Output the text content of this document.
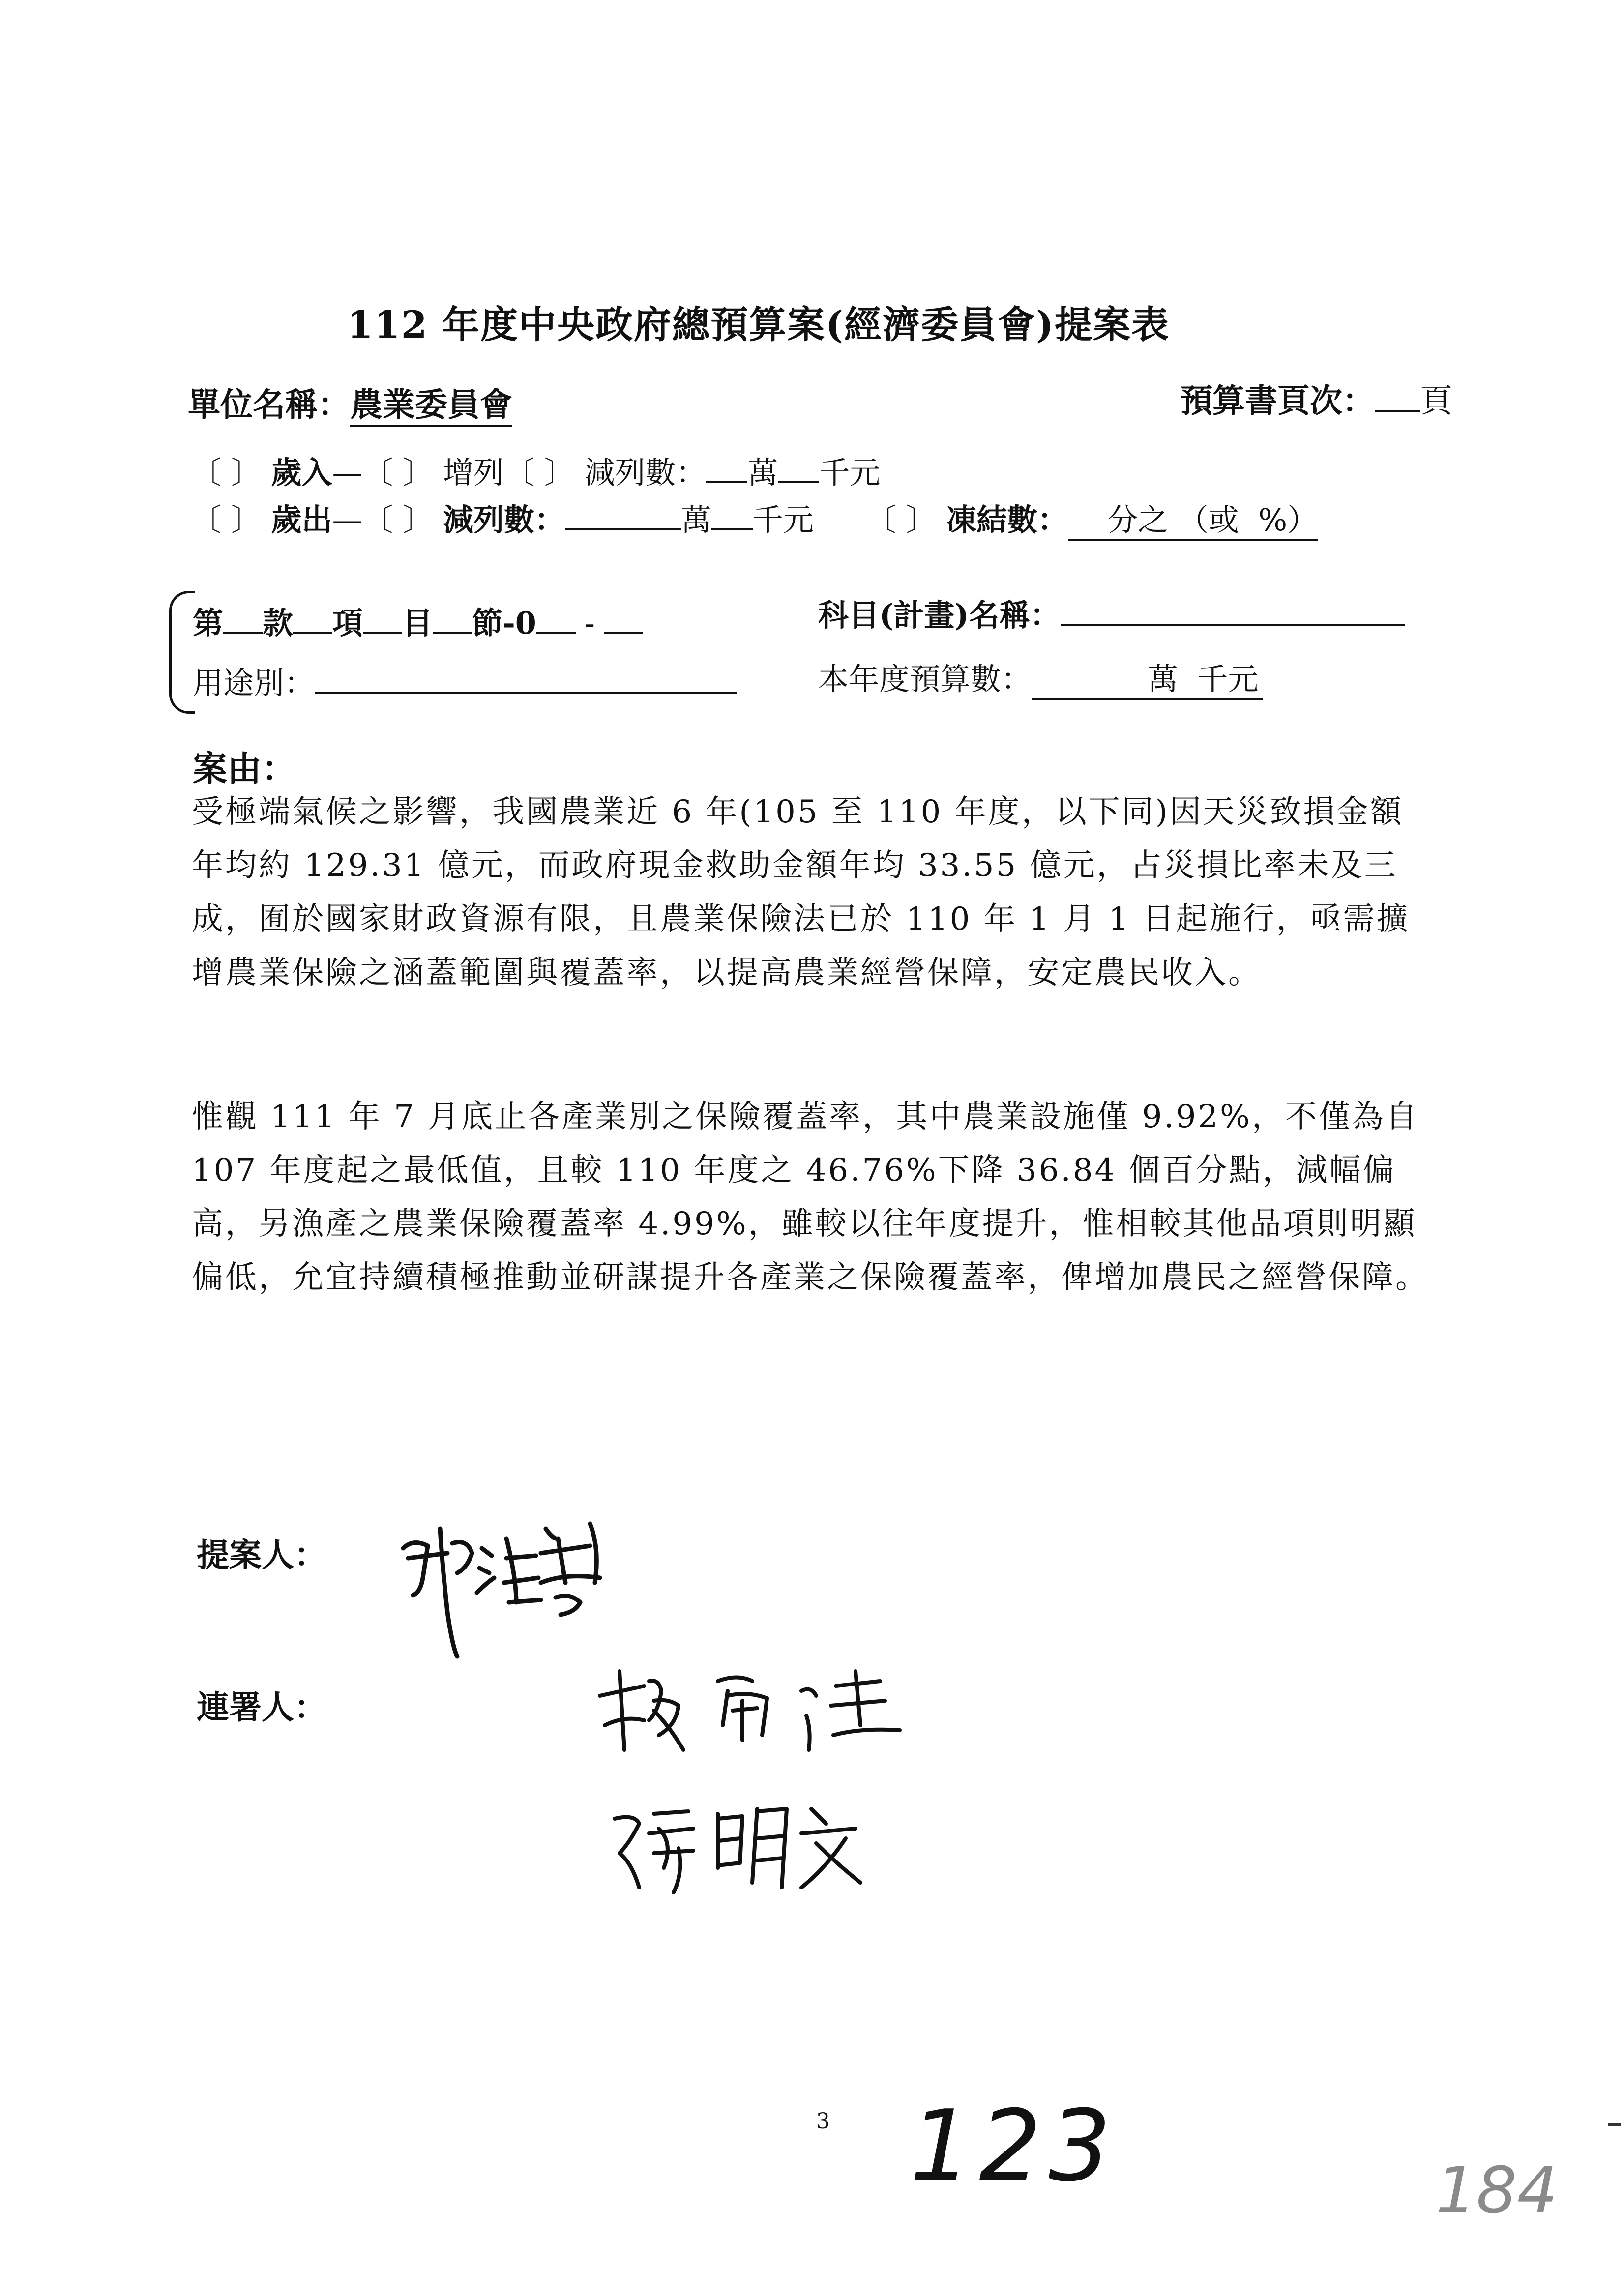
112 年度中央政府總預算案(經濟委員會)提案表
單位名稱：農業委員會	預算書頁次： 頁
〔 〕 歲入—〔 〕 增列〔 〕 減列數： 萬 千元
〔 〕 歲出—〔 〕 減列數：	萬 千元 〔 〕 凍結數： 分之 （或  %）
第 款 項 目 節-0 -	科目(計畫)名稱：
用途別：	本年度預算數：	萬  千元
案由：
受極端氣候之影響，我國農業近 6 年(105 至 110 年度，以下同)因天災致損金額年均約 129.31 億元，而政府現金救助金額年均 33.55 億元，占災損比率未及三成，囿於國家財政資源有限，且農業保險法已於 110 年 1 月 1 日起施行，亟需擴增農業保險之涵蓋範圍與覆蓋率，以提高農業經營保障，安定農民收入。
惟觀 111 年 7 月底止各產業別之保險覆蓋率，其中農業設施僅 9.92%，不僅為自 107 年度起之最低值，且較 110 年度之 46.76%下降 36.84 個百分點，減幅偏高，另漁產之農業保險覆蓋率 4.99%，雖較以往年度提升，惟相較其他品項則明顯偏低，允宜持續積極推動並研謀提升各產業之保險覆蓋率，俾增加農民之經營保障。
提案人：
連署人：
3 123	184
